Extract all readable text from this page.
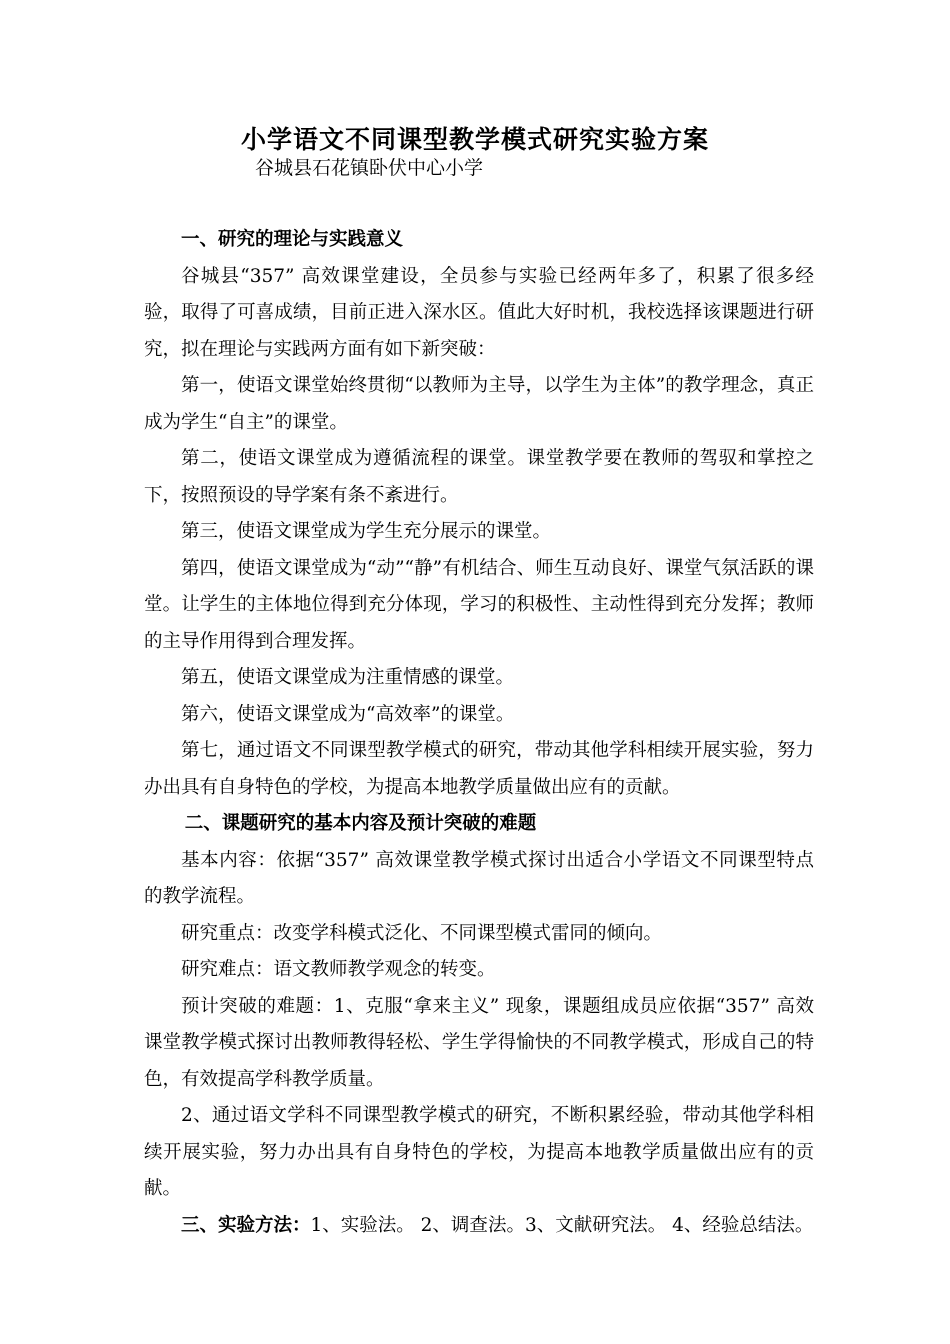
小学语文不同课型教学模式研究实验方案
谷城县石花镇卧伏中心小学

一、研究的理论与实践意义

谷城县“357” 高效课堂建设，全员参与实验已经两年多了，积累了很多经验，取得了可喜成绩，目前正进入深水区。值此大好时机，我校选择该课题进行研究，拟在理论与实践两方面有如下新突破：

第一，使语文课堂始终贯彻“以教师为主导，以学生为主体”的教学理念，真正成为学生“自主”的课堂。

第二，使语文课堂成为遵循流程的课堂。课堂教学要在教师的驾驭和掌控之下，按照预设的导学案有条不紊进行。

第三，使语文课堂成为学生充分展示的课堂。

第四，使语文课堂成为“动”“静”有机结合、师生互动良好、课堂气氛活跃的课堂。让学生的主体地位得到充分体现，学习的积极性、主动性得到充分发挥；教师的主导作用得到合理发挥。

第五，使语文课堂成为注重情感的课堂。

第六，使语文课堂成为“高效率”的课堂。

第七，通过语文不同课型教学模式的研究，带动其他学科相续开展实验，努力办出具有自身特色的学校，为提高本地教学质量做出应有的贡献。

二、课题研究的基本内容及预计突破的难题

基本内容：依据“357” 高效课堂教学模式探讨出适合小学语文不同课型特点的教学流程。

研究重点：改变学科模式泛化、不同课型模式雷同的倾向。

研究难点：语文教师教学观念的转变。

预计突破的难题：1、克服“拿来主义” 现象，课题组成员应依据“357” 高效课堂教学模式探讨出教师教得轻松、学生学得愉快的不同教学模式，形成自己的特色，有效提高学科教学质量。

2、通过语文学科不同课型教学模式的研究，不断积累经验，带动其他学科相续开展实验，努力办出具有自身特色的学校，为提高本地教学质量做出应有的贡献。

三、实验方法：1、实验法。 2、调查法。3、文献研究法。 4、经验总结法。
